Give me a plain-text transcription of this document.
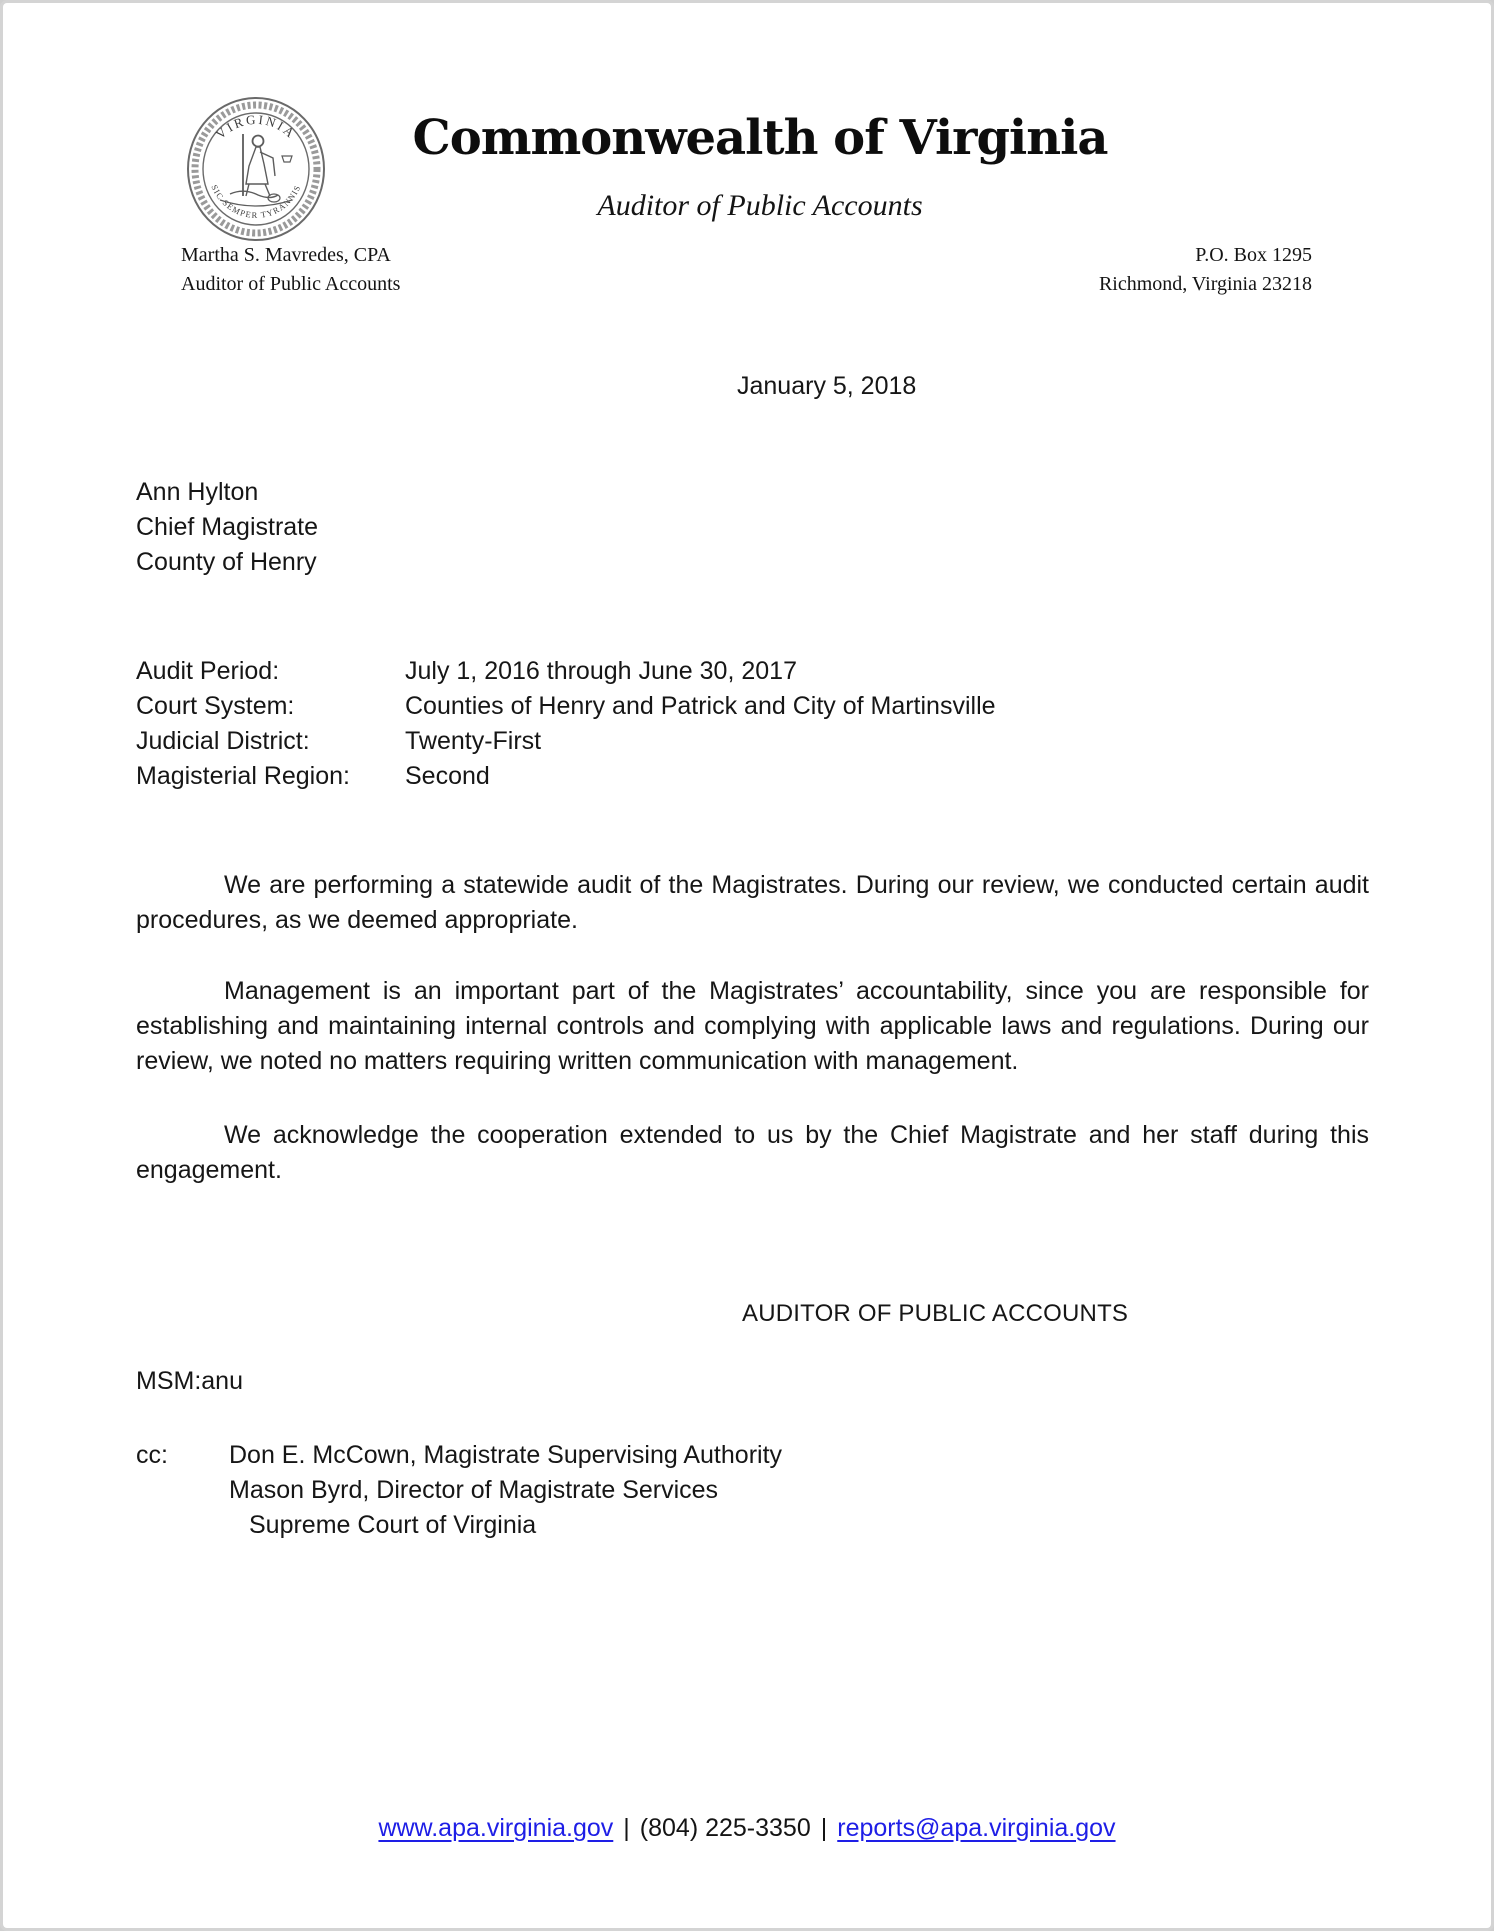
VIRGINIA
SIC SEMPER TYRANNIS
Commonwealth of Virginia
Auditor of Public Accounts
Martha S. Mavredes, CPA
Auditor of Public Accounts
P.O. Box 1295
Richmond, Virginia 23218
January 5, 2018
Ann Hylton
Chief Magistrate
County of Henry
Audit Period:	July 1, 2016 through June 30, 2017
Court System:	Counties of Henry and Patrick and City of Martinsville
Judicial District:	Twenty-First
Magisterial Region:	Second
We are performing a statewide audit of the Magistrates. During our review, we conducted certain audit procedures, as we deemed appropriate.
Management is an important part of the Magistrates’ accountability, since you are responsible for establishing and maintaining internal controls and complying with applicable laws and regulations. During our review, we noted no matters requiring written communication with management.
We acknowledge the cooperation extended to us by the Chief Magistrate and her staff during this engagement.
AUDITOR OF PUBLIC ACCOUNTS
MSM:anu
cc:	Don E. McCown, Magistrate Supervising Authority
Mason Byrd, Director of Magistrate Services
Supreme Court of Virginia
www.apa.virginia.gov | (804) 225-3350 | reports@apa.virginia.gov
